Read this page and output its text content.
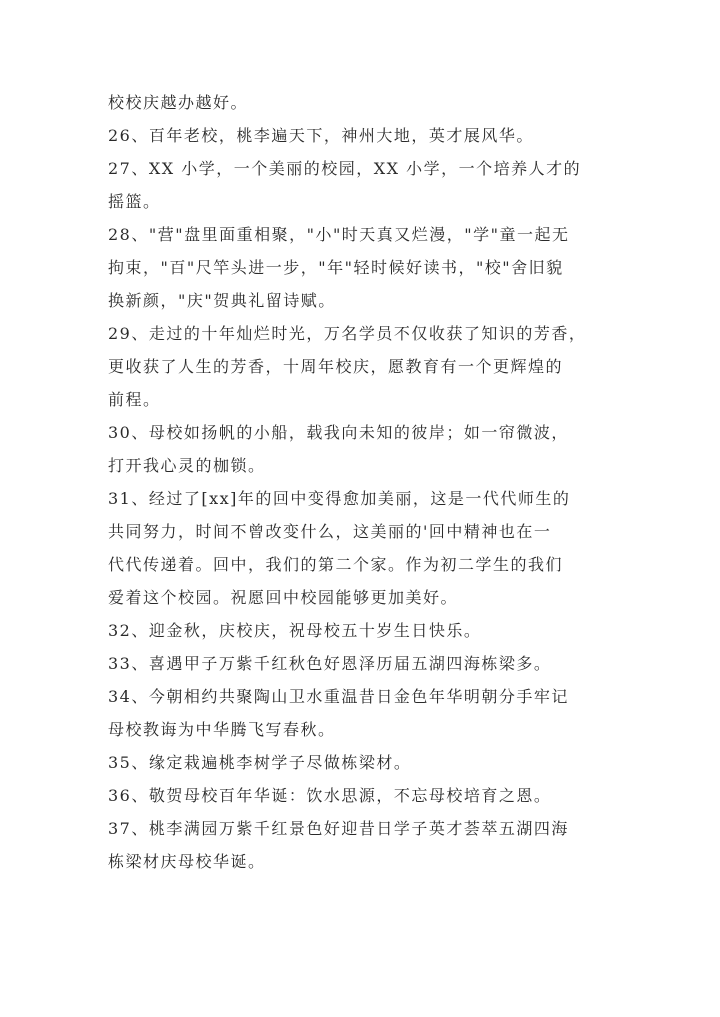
校校庆越办越好。
26、百年老校，桃李遍天下，神州大地，英才展风华。
27、XX 小学，一个美丽的校园，XX 小学，一个培养人才的
摇篮。
28、"营"盘里面重相聚，"小"时天真又烂漫，"学"童一起无
拘束，"百"尺竿头进一步，"年"轻时候好读书，"校"舍旧貌
换新颜，"庆"贺典礼留诗赋。
29、走过的十年灿烂时光，万名学员不仅收获了知识的芳香，
更收获了人生的芳香，十周年校庆，愿教育有一个更辉煌的
前程。
30、母校如扬帆的小船，载我向未知的彼岸；如一帘微波，
打开我心灵的枷锁。
31、经过了[xx]年的回中变得愈加美丽，这是一代代师生的
共同努力，时间不曾改变什么，这美丽的'回中精神也在一
代代传递着。回中，我们的第二个家。作为初二学生的我们
爱着这个校园。祝愿回中校园能够更加美好。
32、迎金秋，庆校庆，祝母校五十岁生日快乐。
33、喜遇甲子万紫千红秋色好恩泽历届五湖四海栋梁多。
34、今朝相约共聚陶山卫水重温昔日金色年华明朝分手牢记
母校教诲为中华腾飞写春秋。
35、缘定栽遍桃李树学子尽做栋梁材。
36、敬贺母校百年华诞：饮水思源，不忘母校培育之恩。
37、桃李满园万紫千红景色好迎昔日学子英才荟萃五湖四海
栋梁材庆母校华诞。
